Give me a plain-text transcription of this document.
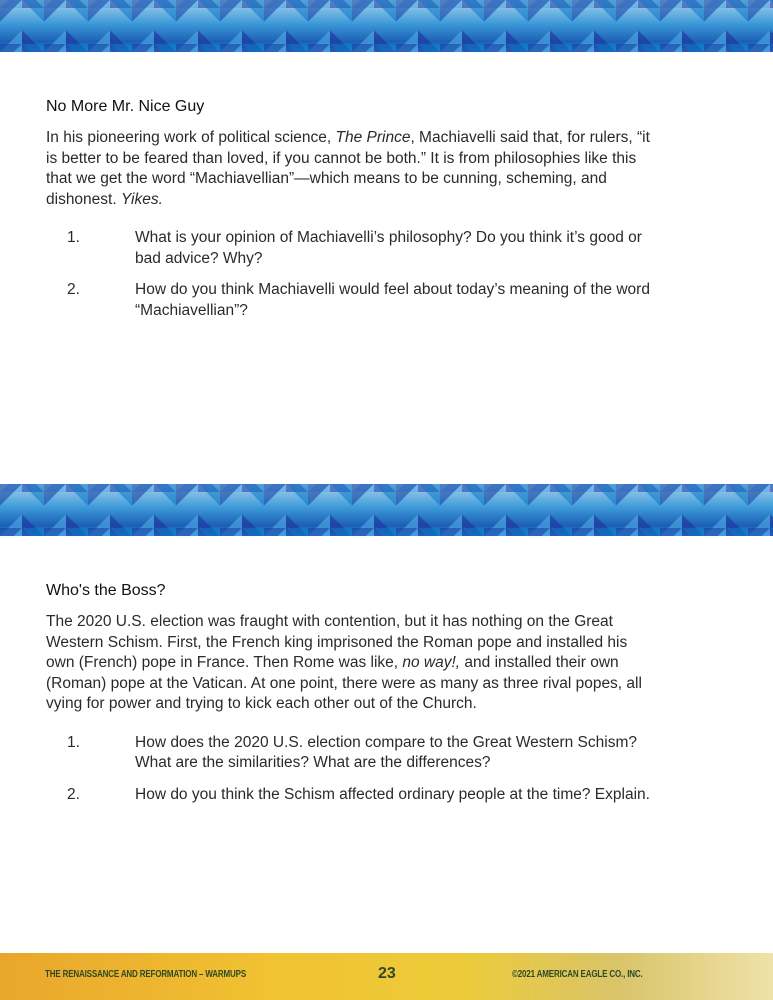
No More Mr. Nice Guy

In his pioneering work of political science, The Prince, Machiavelli said that, for rulers, “it is better to be feared than loved, if you cannot be both.” It is from philosophies like this that we get the word “Machiavellian”—which means to be cunning, scheming, and dishonest. Yikes.

1.	What is your opinion of Machiavelli’s philosophy? Do you think it’s good or bad advice? Why?
2.	How do you think Machiavelli would feel about today’s meaning of the word “Machiavellian”?
Who's the Boss?

The 2020 U.S. election was fraught with contention, but it has nothing on the Great Western Schism. First, the French king imprisoned the Roman pope and installed his own (French) pope in France. Then Rome was like, no way!, and installed their own (Roman) pope at the Vatican. At one point, there were as many as three rival popes, all vying for power and trying to kick each other out of the Church.

1.	How does the 2020 U.S. election compare to the Great Western Schism? What are the similarities? What are the differences?
2.	How do you think the Schism affected ordinary people at the time? Explain.
THE RENAISSANCE AND REFORMATION – WARMUPS	23	©2021 AMERICAN EAGLE CO., INC.
